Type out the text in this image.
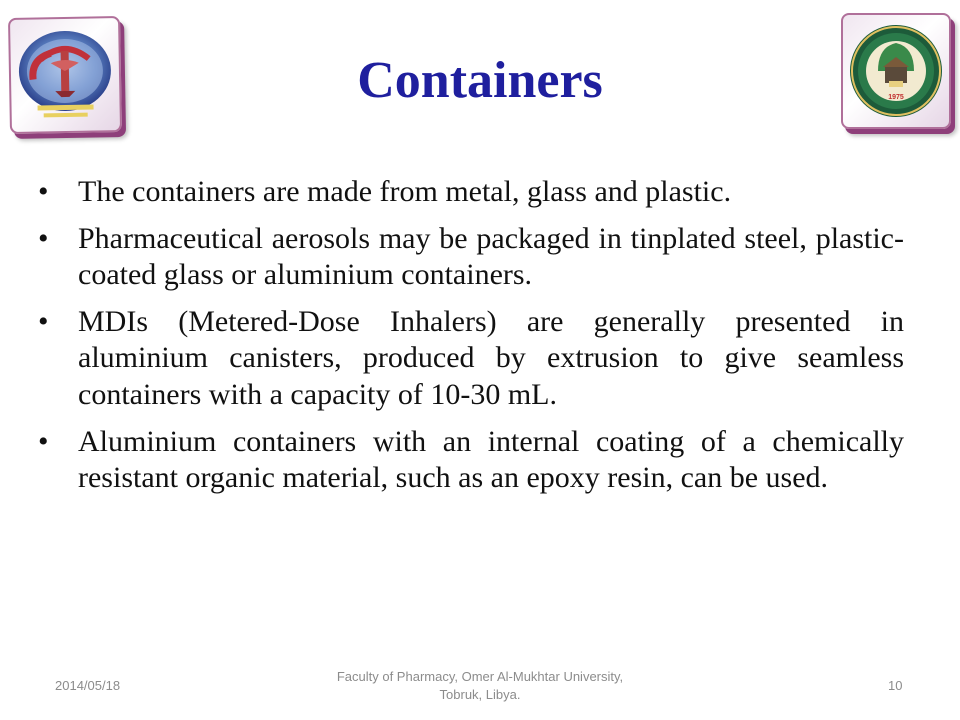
1975
Containers
• The containers are made from metal, glass and plastic.
• Pharmaceutical aerosols may be packaged in tinplated steel, plastic-coated glass or aluminium containers.
• MDIs (Metered-Dose Inhalers) are generally presented in aluminium canisters, produced by extrusion to give seamless containers with a capacity of 10-30 mL.
• Aluminium containers with an internal coating of a chemically resistant organic material, such as an epoxy resin, can be used.
2014/05/18
Faculty of Pharmacy, Omer Al-Mukhtar University,
Tobruk, Libya.
10
